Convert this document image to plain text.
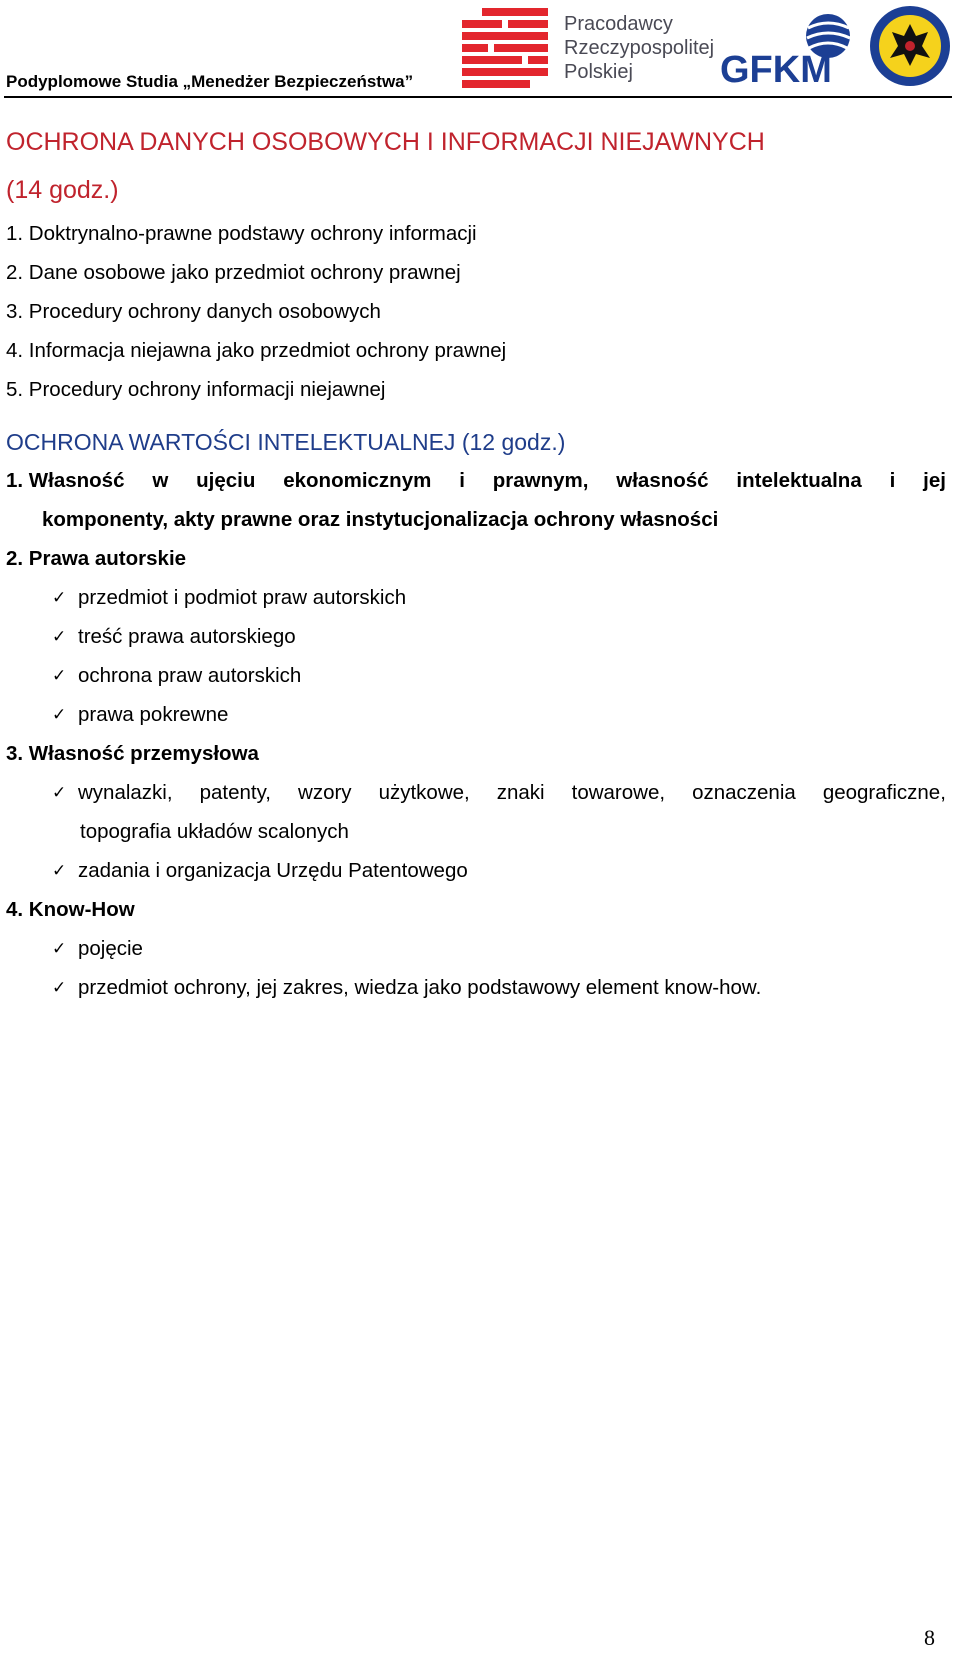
Podyplomowe Studia „Menedżer Bezpieczeństwa”
Pracodawcy
Rzeczypospolitej
Polskiej	GFKM
OCHRONA DANYCH OSOBOWYCH I INFORMACJI NIEJAWNYCH
(14 godz.)
1. Doktrynalno-prawne podstawy ochrony informacji
2. Dane osobowe jako przedmiot ochrony prawnej
3. Procedury ochrony danych osobowych
4. Informacja niejawna jako przedmiot ochrony prawnej
5. Procedury ochrony informacji niejawnej
OCHRONA WARTOŚCI INTELEKTUALNEJ (12 godz.)
1. Własność w ujęciu ekonomicznym i prawnym, własność intelektualna i jej
komponenty, akty prawne oraz instytucjonalizacja ochrony własności
2. Prawa autorskie
✓ przedmiot i podmiot praw autorskich
✓ treść prawa autorskiego
✓ ochrona praw autorskich
✓ prawa pokrewne
3. Własność przemysłowa
✓ wynalazki, patenty, wzory użytkowe, znaki towarowe, oznaczenia geograficzne,
topografia układów scalonych
✓ zadania i organizacja Urzędu Patentowego
4. Know-How
✓ pojęcie
✓ przedmiot ochrony, jej zakres, wiedza jako podstawowy element know-how.
8
